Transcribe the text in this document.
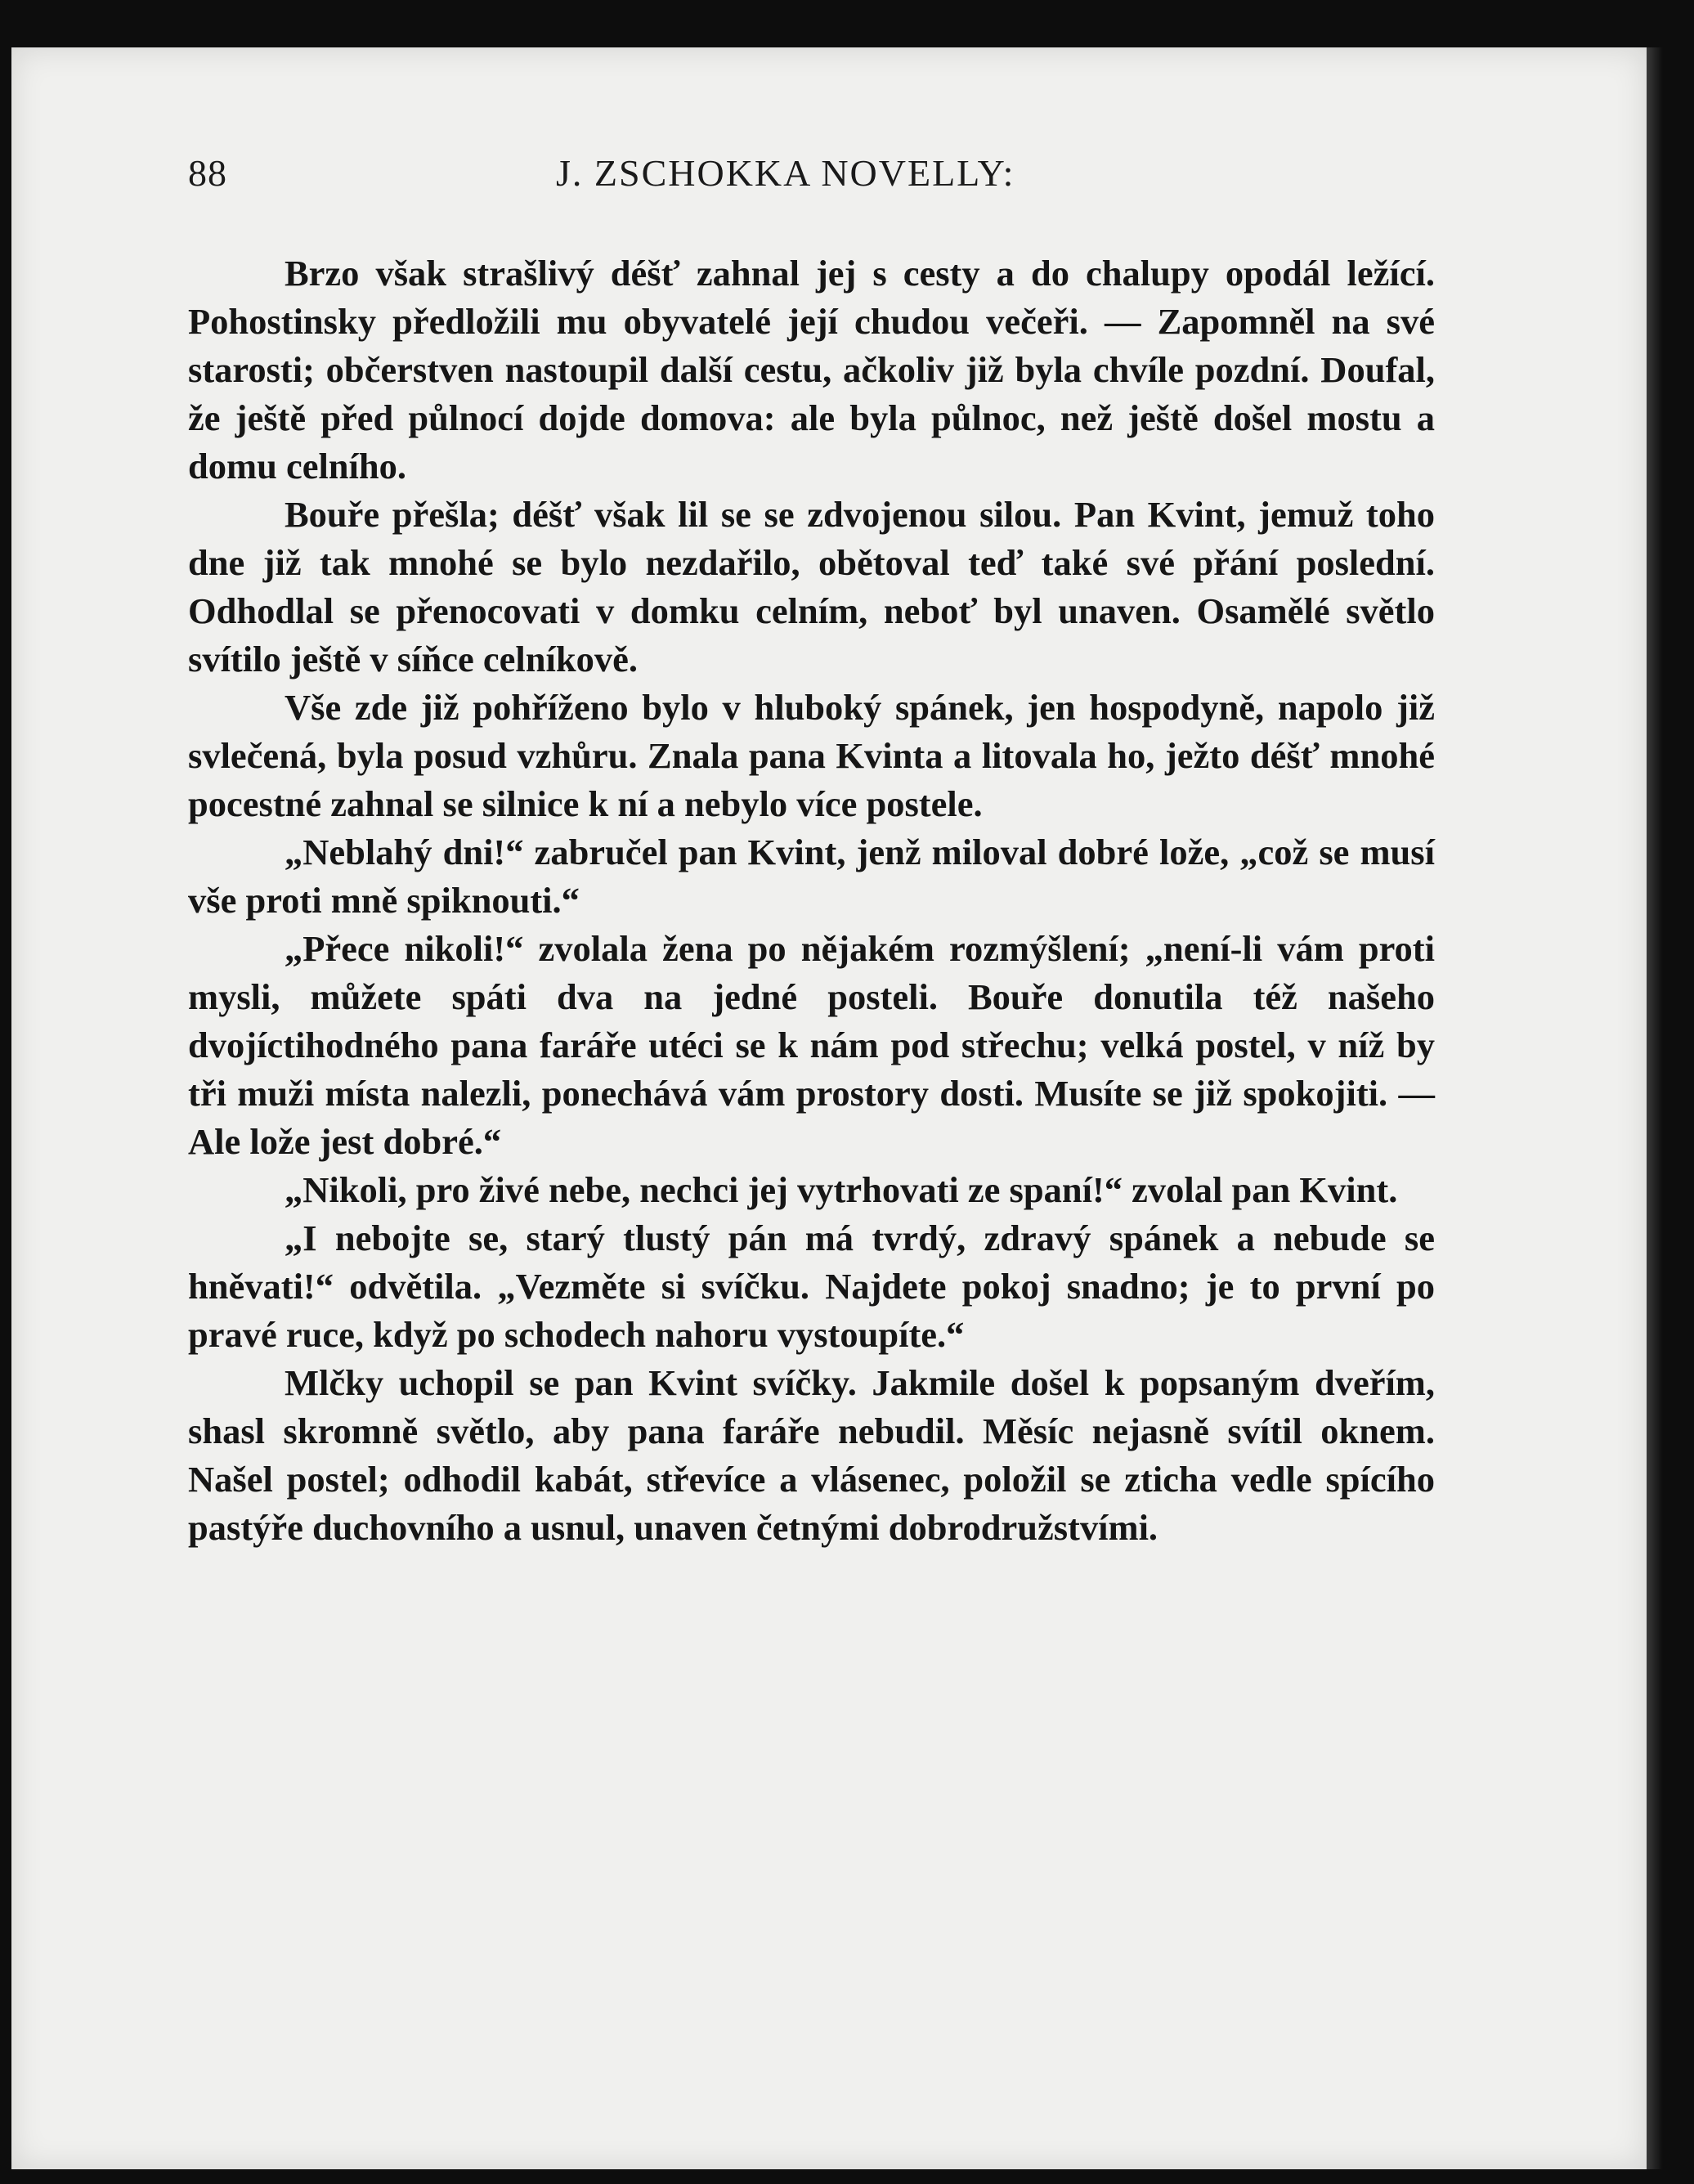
88	J. ZSCHOKKA NOVELLY:

Brzo však strašlivý déšť zahnal jej s cesty a do chalupy opodál ležící. Pohostinsky předložili mu obyvatelé její chudou večeři. — Zapomněl na své starosti; občerstven nastoupil další cestu, ačkoliv již byla chvíle pozdní. Doufal, že ještě před půlnocí dojde domova: ale byla půlnoc, než ještě došel mostu a domu celního.

Bouře přešla; déšť však lil se se zdvojenou silou. Pan Kvint, jemuž toho dne již tak mnohé se bylo nezdařilo, obětoval teď také své přání poslední. Odhodlal se přenocovati v domku celním, neboť byl unaven. Osamělé světlo svítilo ještě v síňce celníkově.

Vše zde již pohříženo bylo v hluboký spánek, jen hospodyně, napolo již svlečená, byla posud vzhůru. Znala pana Kvinta a litovala ho, ježto déšť mnohé pocestné zahnal se silnice k ní a nebylo více postele.

„Neblahý dni!“ zabručel pan Kvint, jenž miloval dobré lože, „což se musí vše proti mně spiknouti.“

„Přece nikoli!“ zvolala žena po nějakém rozmýšlení; „není-li vám proti mysli, můžete spáti dva na jedné posteli. Bouře donutila též našeho dvojíctihodného pana faráře utéci se k nám pod střechu; velká postel, v níž by tři muži místa nalezli, ponechává vám prostory dosti. Musíte se již spokojiti. — Ale lože jest dobré.“

„Nikoli, pro živé nebe, nechci jej vytrhovati ze spaní!“ zvolal pan Kvint.

„I nebojte se, starý tlustý pán má tvrdý, zdravý spánek a nebude se hněvati!“ odvětila. „Vezměte si svíčku. Najdete pokoj snadno; je to první po pravé ruce, když po schodech nahoru vystoupíte.“

Mlčky uchopil se pan Kvint svíčky. Jakmile došel k popsaným dveřím, shasl skromně světlo, aby pana faráře nebudil. Měsíc nejasně svítil oknem. Našel postel; odhodil kabát, střevíce a vlásenec, položil se zticha vedle spícího pastýře duchovního a usnul, unaven četnými dobrodružstvími.
